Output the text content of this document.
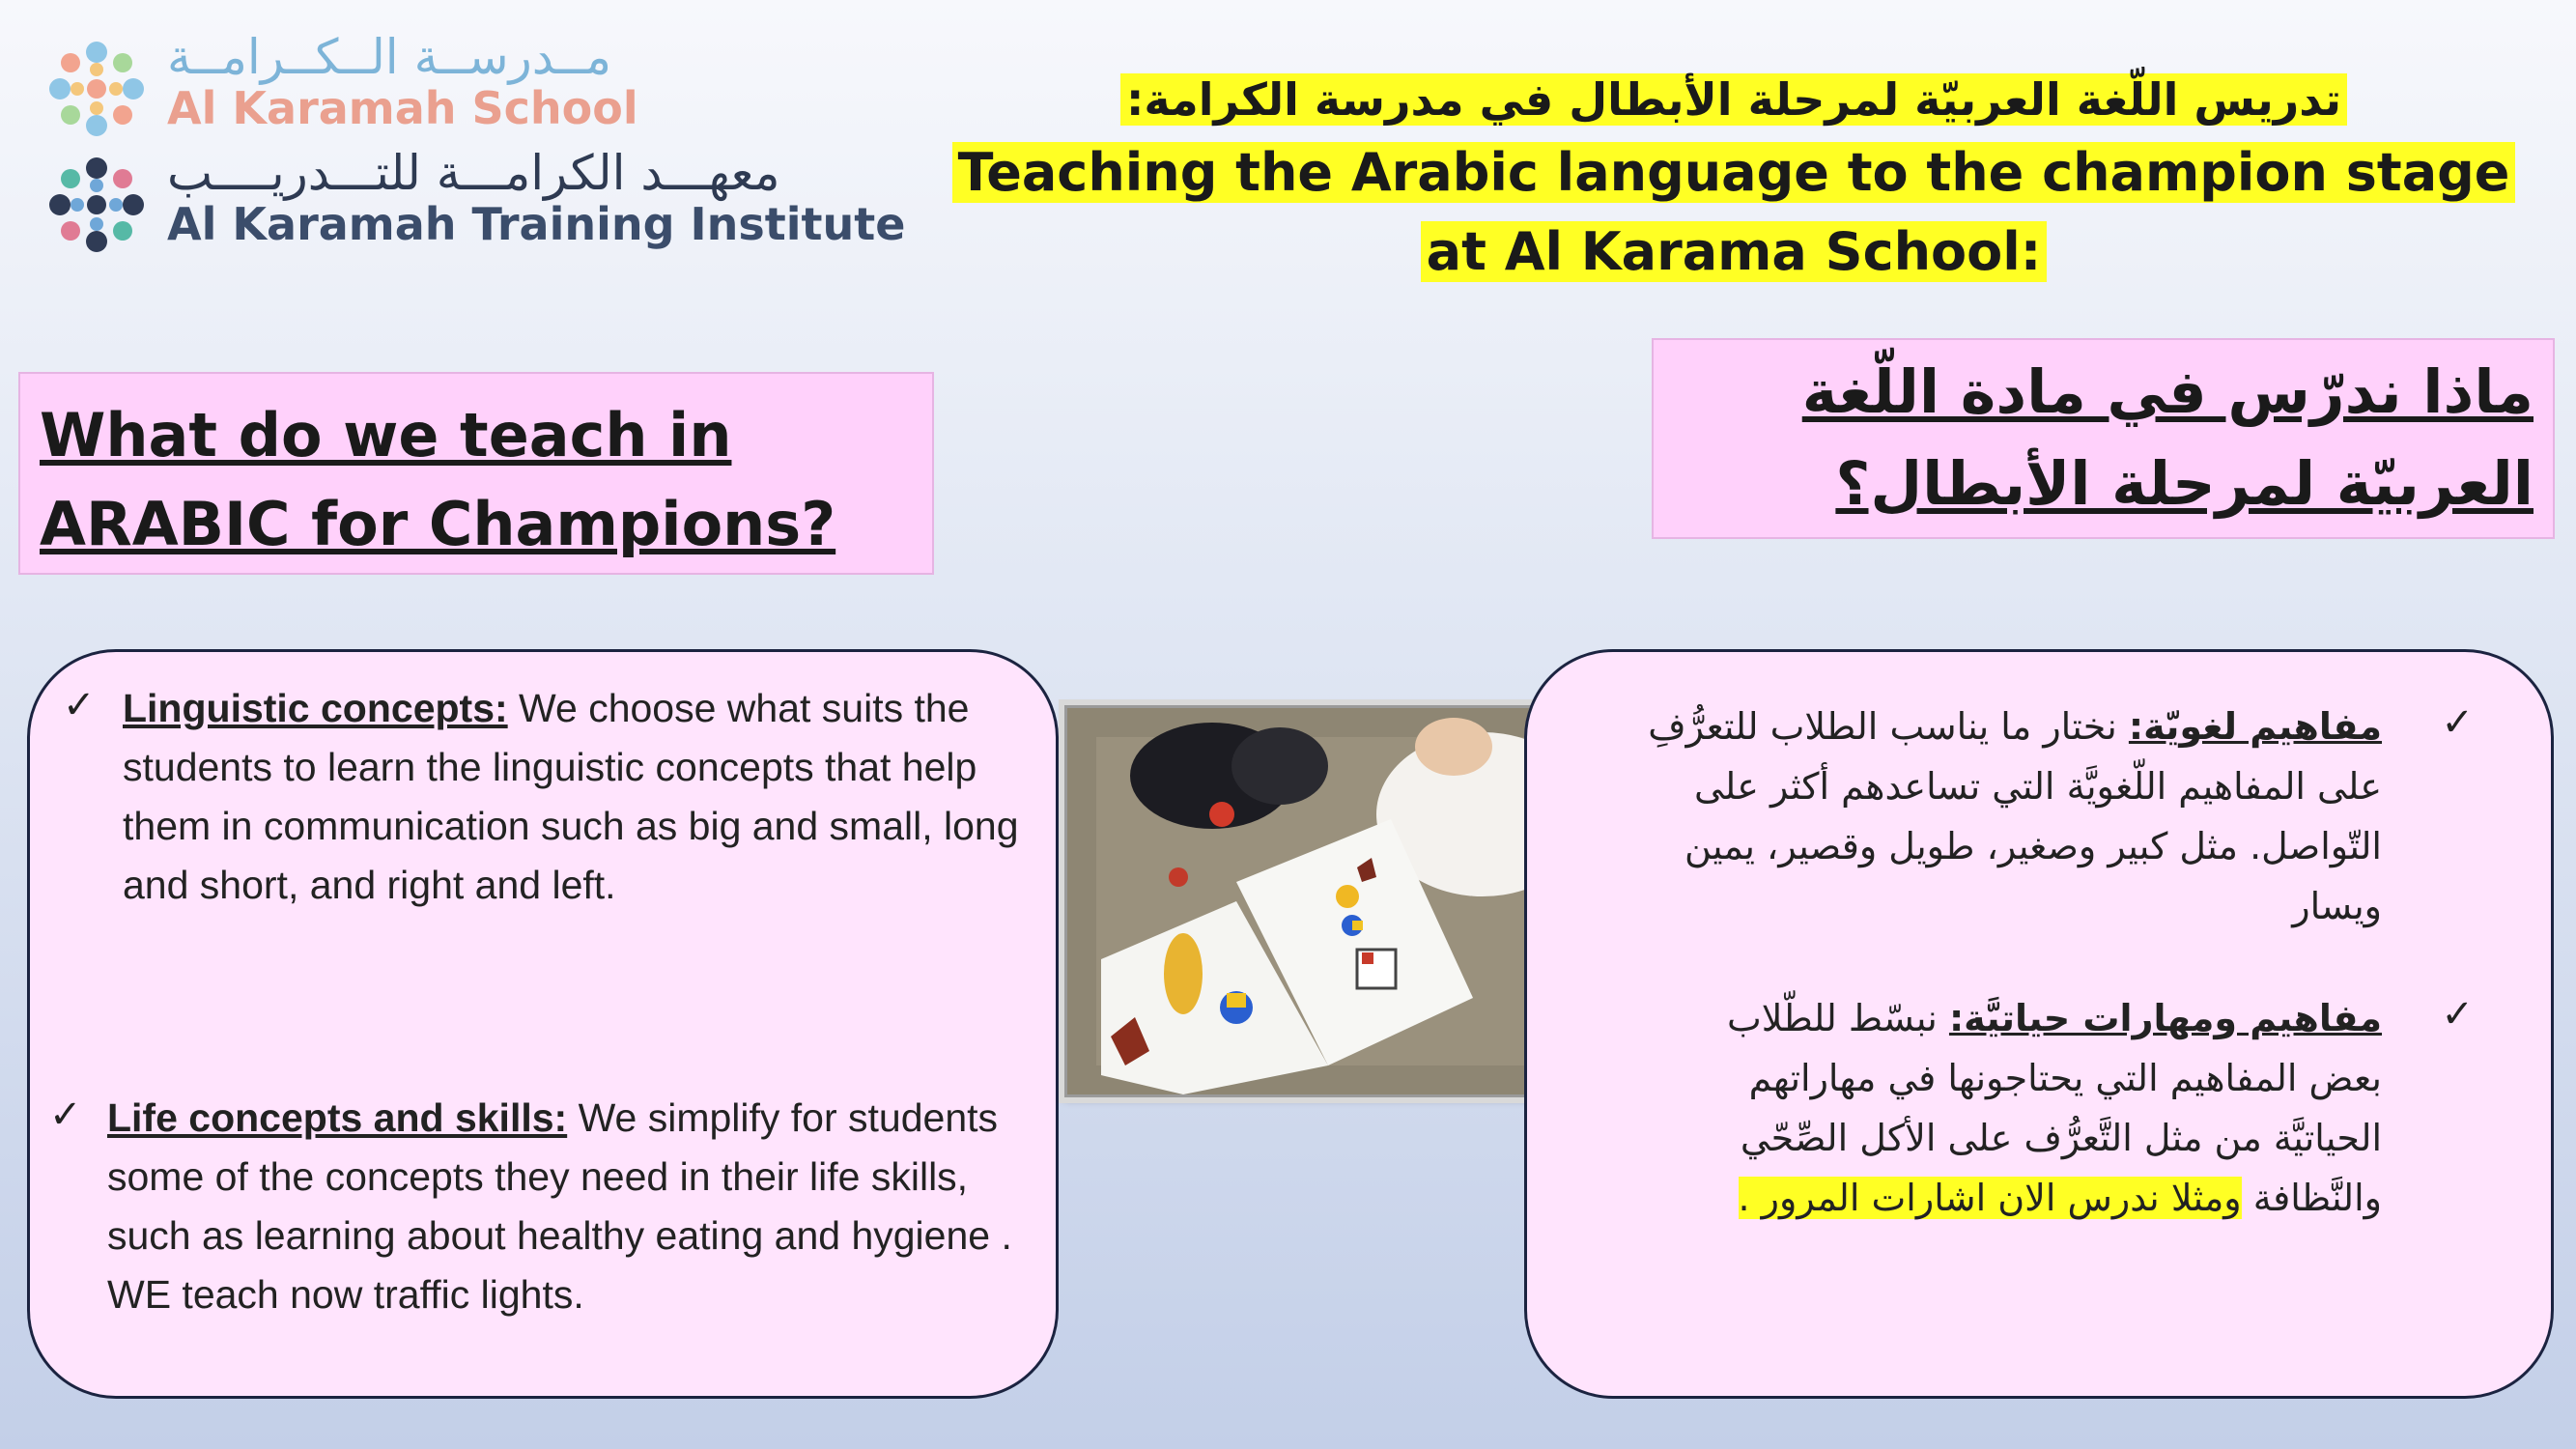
مــدرســة الــكــرامــة
Al Karamah School
معهـــد الكرامـــة للتـــدريــــب
Al Karamah Training Institute
تدريس اللّغة العربيّة لمرحلة الأبطال في مدرسة الكرامة:
Teaching the Arabic language to the champion stage at Al Karama School:
What do we teach in ARABIC for Champions?
ماذا ندرّس في مادة اللّغة العربيّة لمرحلة الأبطال؟
✓ Linguistic concepts: We choose what suits the students to learn the linguistic concepts that help them in communication such as big and small, long and short, and right and left.
✓ Life concepts and skills: We simplify for students some of the concepts they need in their life skills, such as learning about healthy eating and hygiene . WE teach now traffic lights.
✓
مفاهيم لغويّة: نختار ما يناسب الطلاب للتعرُّفِ على المفاهيم اللّغويَّة التي تساعدهم أكثر على التّواصل. مثل كبير وصغير، طويل وقصير، يمين ويسار
✓
مفاهيم ومهارات حياتيَّة: نبسّط للطّلاب بعض المفاهيم التي يحتاجونها في مهاراتهم الحياتيَّة من مثل التَّعرُّف على الأكل الصِّحّي والنَّظافة ومثلا ندرس الان اشارات المرور .
